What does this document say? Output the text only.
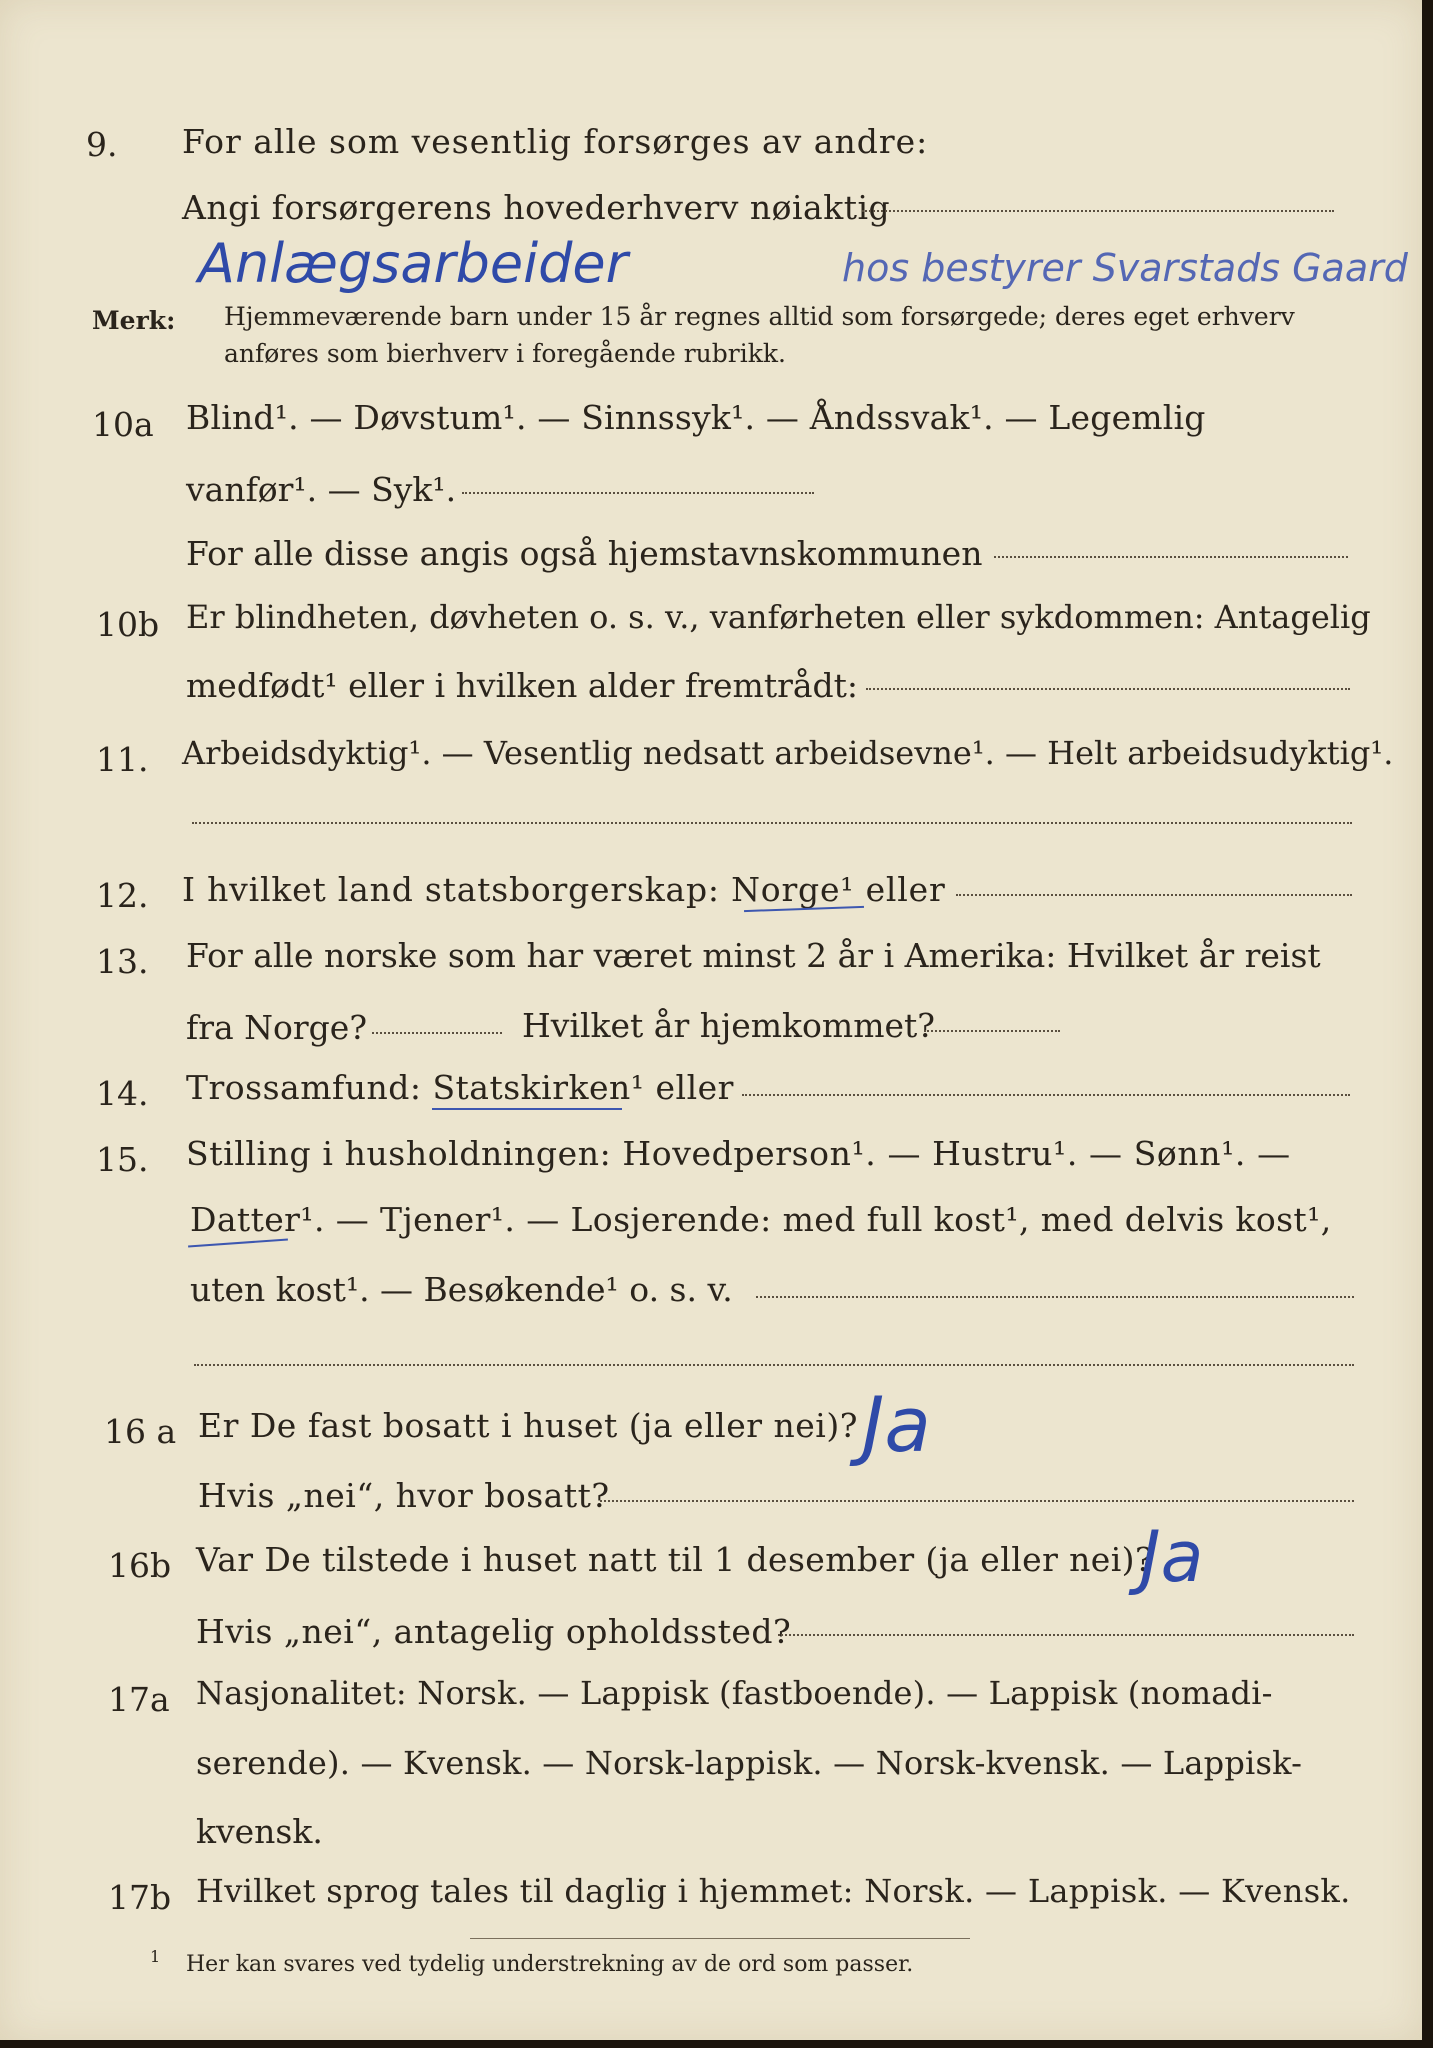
9. For alle som vesentlig forsørges av andre:
Angi forsørgerens hovederhverv nøiaktig
Anlægsarbeider	hos bestyrer Svarstads Gaard
Merk: Hjemmeværende barn under 15 år regnes alltid som forsørgede; deres eget erhverv
anføres som bierhverv i foregående rubrikk.
10a Blind¹. — Døvstum¹. — Sinnssyk¹. — Åndssvak¹. — Legemlig
vanfør¹. — Syk¹.
For alle disse angis også hjemstavnskommunen
10b Er blindheten, døvheten o. s. v., vanførheten eller sykdommen: Antagelig
medfødt¹ eller i hvilken alder fremtrådt:
11. Arbeidsdyktig¹. — Vesentlig nedsatt arbeidsevne¹. — Helt arbeidsudyktig¹.
12. I hvilket land statsborgerskap: Norge¹ eller
13. For alle norske som har været minst 2 år i Amerika: Hvilket år reist
fra Norge?	Hvilket år hjemkommet?
14. Trossamfund: Statskirken¹ eller
15. Stilling i husholdningen: Hovedperson¹. — Hustru¹. — Sønn¹. —
Datter¹. — Tjener¹. — Losjerende: med full kost¹, med delvis kost¹,
uten kost¹. — Besøkende¹ o. s. v.
16 a Er De fast bosatt i huset (ja eller nei)? Ja
Hvis „nei“, hvor bosatt?
16b Var De tilstede i huset natt til 1 desember (ja eller nei)?
Ja
Hvis „nei“, antagelig opholdssted?
17a Nasjonalitet: Norsk. — Lappisk (fastboende). — Lappisk (nomadi-
serende). — Kvensk. — Norsk-lappisk. — Norsk-kvensk. — Lappisk-
kvensk.
17b Hvilket sprog tales til daglig i hjemmet: Norsk. — Lappisk. — Kvensk.
1 Her kan svares ved tydelig understrekning av de ord som passer.
